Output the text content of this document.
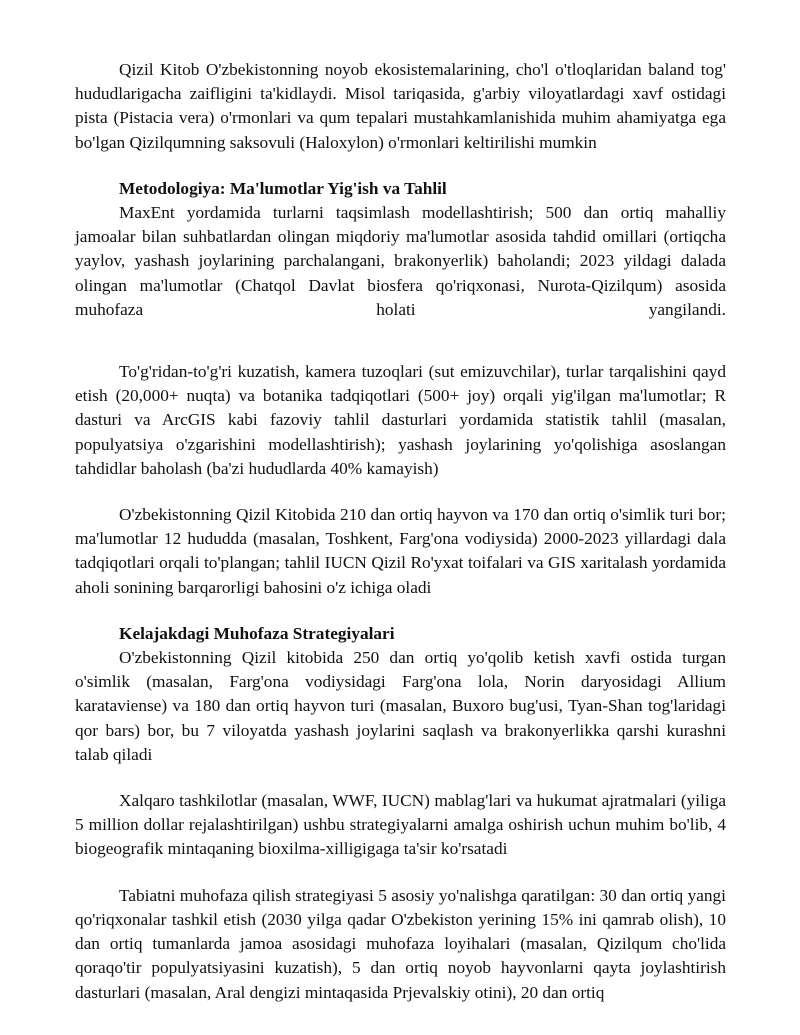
Qizil Kitob O'zbekistonning noyob ekosistemalarining, cho'l o'tloqlaridan baland tog' hududlarigacha zaifligini ta'kidlaydi. Misol tariqasida, g'arbiy viloyatlardagi xavf ostidagi pista (Pistacia vera) o'rmonlari va qum tepalari mustahkamlanishida muhim ahamiyatga ega bo'lgan Qizilqumning saksovuli (Haloxylon) o'rmonlari keltirilishi mumkin

Metodologiya: Ma'lumotlar Yig'ish va Tahlil

MaxEnt yordamida turlarni taqsimlash modellashtirish; 500 dan ortiq mahalliy jamoalar bilan suhbatlardan olingan miqdoriy ma'lumotlar asosida tahdid omillari (ortiqcha yaylov, yashash joylarining parchalangani, brakonyerlik) baholandi; 2023 yildagi dalada olingan ma'lumotlar (Chatqol Davlat biosfera qo'riqxonasi, Nurota-Qizilqum) asosida muhofaza holati yangilandi.

To'g'ridan-to'g'ri kuzatish, kamera tuzoqlari (sut emizuvchilar), turlar tarqalishini qayd etish (20,000+ nuqta) va botanika tadqiqotlari (500+ joy) orqali yig'ilgan ma'lumotlar; R dasturi va ArcGIS kabi fazoviy tahlil dasturlari yordamida statistik tahlil (masalan, populyatsiya o'zgarishini modellashtirish); yashash joylarining yo'qolishiga asoslangan tahdidlar baholash (ba'zi hududlarda 40% kamayish)

O'zbekistonning Qizil Kitobida 210 dan ortiq hayvon va 170 dan ortiq o'simlik turi bor; ma'lumotlar 12 hududda (masalan, Toshkent, Farg'ona vodiysida) 2000-2023 yillardagi dala tadqiqotlari orqali to'plangan; tahlil IUCN Qizil Ro'yxat toifalari va GIS xaritalash yordamida aholi sonining barqarorligi bahosini o'z ichiga oladi

Kelajakdagi Muhofaza Strategiyalari

O'zbekistonning Qizil kitobida 250 dan ortiq yo'qolib ketish xavfi ostida turgan o'simlik (masalan, Farg'ona vodiysidagi Farg'ona lola, Norin daryosidagi Allium karataviense) va 180 dan ortiq hayvon turi (masalan, Buxoro bug'usi, Tyan-Shan tog'laridagi qor bars) bor, bu 7 viloyatda yashash joylarini saqlash va brakonyerlikka qarshi kurashni talab qiladi

Xalqaro tashkilotlar (masalan, WWF, IUCN) mablag'lari va hukumat ajratmalari (yiliga 5 million dollar rejalashtirilgan) ushbu strategiyalarni amalga oshirish uchun muhim bo'lib, 4 biogeografik mintaqaning bioxilma-xilligigaga ta'sir ko'rsatadi

Tabiatni muhofaza qilish strategiyasi 5 asosiy yo'nalishga qaratilgan: 30 dan ortiq yangi qo'riqxonalar tashkil etish (2030 yilga qadar O'zbekiston yerining 15% ini qamrab olish), 10 dan ortiq tumanlarda jamoa asosidagi muhofaza loyihalari (masalan, Qizilqum cho'lida qoraqo'tir populyatsiyasini kuzatish), 5 dan ortiq noyob hayvonlarni qayta joylashtirish dasturlari (masalan, Aral dengizi mintaqasida Prjevalskiy otini), 20 dan ortiq
